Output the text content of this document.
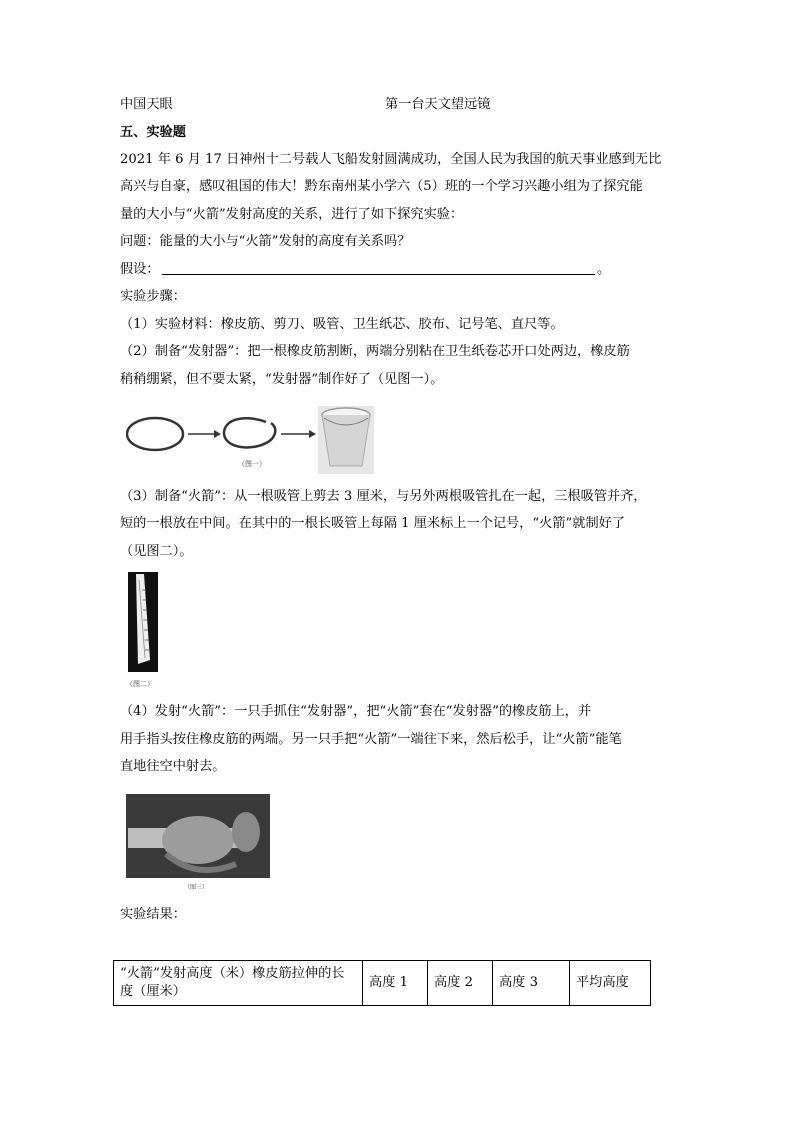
中国天眼	第一台天文望远镜
五、实验题
2021 年 6 月 17 日神州十二号载人飞船发射圆满成功，全国人民为我国的航天事业感到无比
高兴与自豪，感叹祖国的伟大！黔东南州某小学六（5）班的一个学习兴趣小组为了探究能
量的大小与“火箭”发射高度的关系，进行了如下探究实验：
问题：能量的大小与“火箭”发射的高度有关系吗？
假设：	。
实验步骤：
（1）实验材料：橡皮筋、剪刀、吸管、卫生纸芯、胶布、记号笔、直尺等。
（2）制备“发射器”：把一根橡皮筋割断，两端分别粘在卫生纸卷芯开口处两边，橡皮筋
稍稍绷紧，但不要太紧，“发射器”制作好了（见图一）。
（图一）
（3）制备“火箭”：从一根吸管上剪去 3 厘米，与另外两根吸管扎在一起，三根吸管并齐，
短的一根放在中间。在其中的一根长吸管上每隔 1 厘米标上一个记号，“火箭”就制好了
（见图二）。
（图二）
（4）发射“火箭”：一只手抓住“发射器”，把“火箭”套在“发射器”的橡皮筋上，并
用手指头按住橡皮筋的两端。另一只手把“火箭”一端往下来，然后松手，让“火箭”能笔
直地往空中射去。
（图三）
实验结果：
“火箭”发射高度（米）橡皮筋拉伸的长度（厘米）	高度 1	高度 2	高度 3	平均高度
